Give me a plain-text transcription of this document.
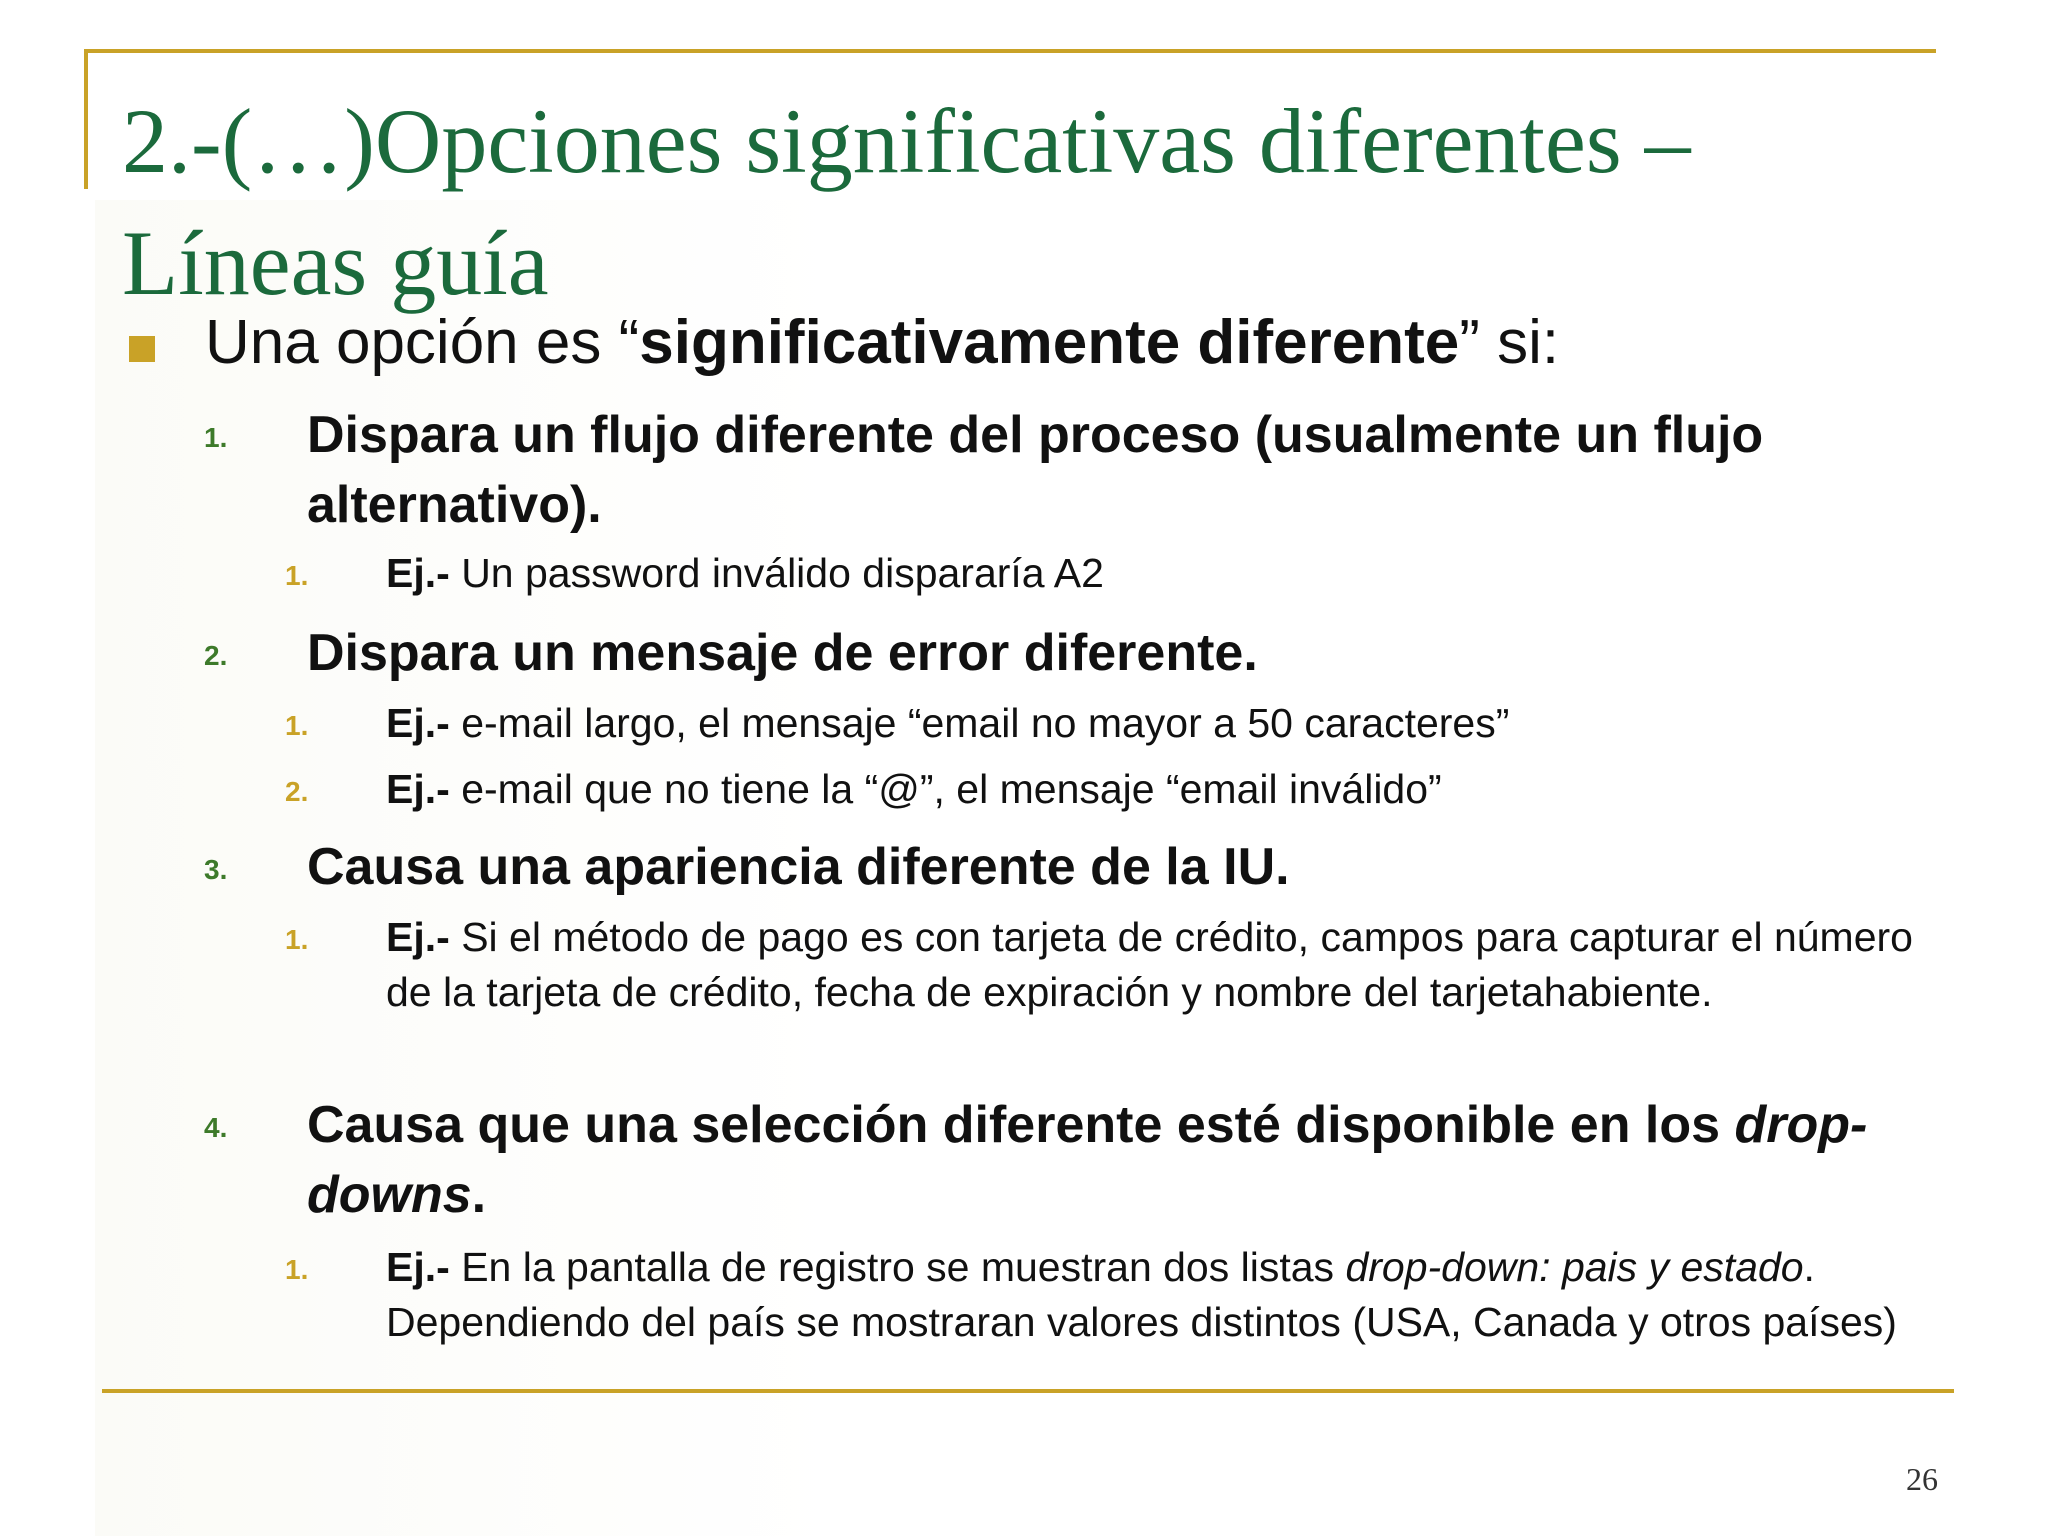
2.-(…)Opciones significativas diferentes – Líneas guía
Una opción es “significativamente diferente” si:
1. Dispara un flujo diferente del proceso (usualmente un flujo alternativo).
1. Ej.- Un password inválido dispararía A2
2. Dispara un mensaje de error diferente.
1. Ej.- e-mail largo, el mensaje “email no mayor a 50 caracteres”
2. Ej.- e-mail que no tiene la “@”, el mensaje “email inválido”
3. Causa una apariencia diferente de la IU.
1. Ej.- Si el método de pago es con tarjeta de crédito, campos para capturar el número de la tarjeta de crédito, fecha de expiración y nombre del tarjetahabiente.
4. Causa que una selección diferente esté disponible en los drop-downs.
1. Ej.- En la pantalla de registro se muestran dos listas drop-down: pais y estado. Dependiendo del país se mostraran valores distintos (USA, Canada y otros países)
26
